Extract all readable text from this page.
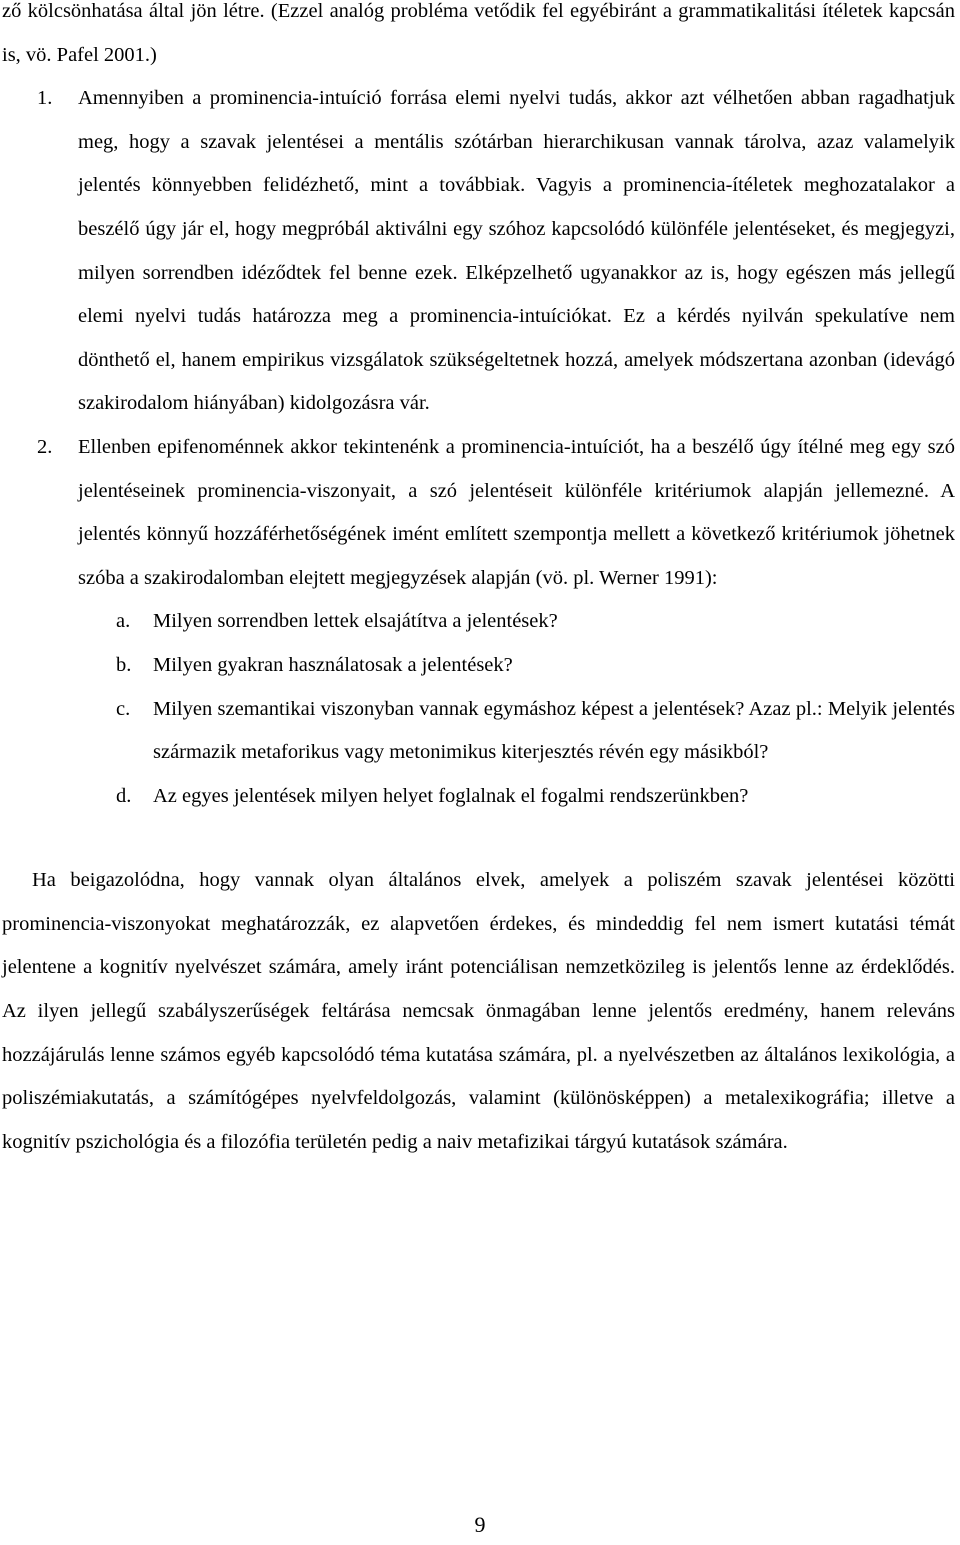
ző kölcsönhatása által jön létre. (Ezzel analóg probléma vetődik fel egyébiránt a grammatikalitási ítéletek kapcsán is, vö. Pafel 2001.)
1. Amennyiben a prominencia-intuíció forrása elemi nyelvi tudás, akkor azt vélhetően abban ragadhatjuk meg, hogy a szavak jelentései a mentális szótárban hierarchikusan vannak tárolva, azaz valamelyik jelentés könnyebben felidézhető, mint a továbbiak. Vagyis a prominencia-ítéletek meghozatalakor a beszélő úgy jár el, hogy megpróbál aktiválni egy szóhoz kapcsolódó különféle jelentéseket, és megjegyzi, milyen sorrendben idéződtek fel benne ezek. Elképzelhető ugyanakkor az is, hogy egészen más jellegű elemi nyelvi tudás határozza meg a prominencia-intuíciókat. Ez a kérdés nyilván spekulatíve nem dönthető el, hanem empirikus vizsgálatok szükségeltetnek hozzá, amelyek módszertana azonban (idevágó szakirodalom hiányában) kidolgozásra vár.
2. Ellenben epifenoménnek akkor tekintenénk a prominencia-intuíciót, ha a beszélő úgy ítélné meg egy szó jelentéseinek prominencia-viszonyait, a szó jelentéseit különféle kritériumok alapján jellemezné. A jelentés könnyű hozzáférhetőségének imént említett szempontja mellett a következő kritériumok jöhetnek szóba a szakirodalomban elejtett megjegyzések alapján (vö. pl. Werner 1991):
a. Milyen sorrendben lettek elsajátítva a jelentések?
b. Milyen gyakran használatosak a jelentések?
c. Milyen szemantikai viszonyban vannak egymáshoz képest a jelentések? Azaz pl.: Melyik jelentés származik metaforikus vagy metonimikus kiterjesztés révén egy másikból?
d. Az egyes jelentések milyen helyet foglalnak el fogalmi rendszerünkben?
Ha beigazolódna, hogy vannak olyan általános elvek, amelyek a poliszém szavak jelentései közötti prominencia-viszonyokat meghatározzák, ez alapvetően érdekes, és mindeddig fel nem ismert kutatási témát jelentene a kognitív nyelvészet számára, amely iránt potenciálisan nemzetközileg is jelentős lenne az érdeklődés. Az ilyen jellegű szabályszerűségek feltárása nemcsak önmagában lenne jelentős eredmény, hanem releváns hozzájárulás lenne számos egyéb kapcsolódó téma kutatása számára, pl. a nyelvészetben az általános lexikológia, a poliszémiakutatás, a számítógépes nyelvfeldolgozás, valamint (különösképpen) a metalexikográfia; illetve a kognitív pszichológia és a filozófia területén pedig a naiv metafizikai tárgyú kutatások számára.
9
